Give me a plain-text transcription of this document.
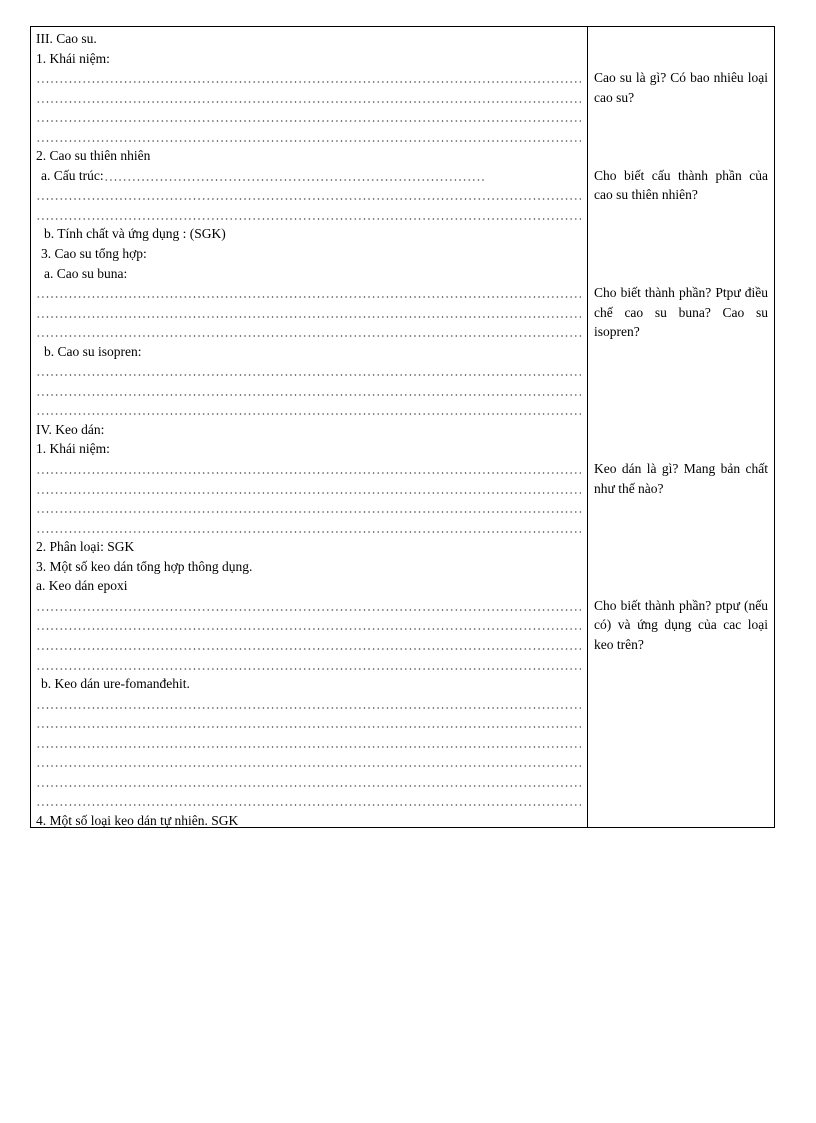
III. Cao su.
1. Khái niệm:
2. Cao su thiên nhiên
a. Cấu trúc:
b. Tính chất và ứng dụng : (SGK)
3. Cao su tổng hợp:
a. Cao su buna:
b. Cao su isopren:
IV. Keo dán:
1. Khái niệm:
2. Phân loại: SGK
3. Một số keo dán tổng hợp thông dụng.
a. Keo dán epoxi
b. Keo dán ure-fomanđehit.
4. Một số loại keo dán tự nhiên. SGK
Cao su là gì? Có bao nhiêu loại cao su?
Cho biết cấu thành phần của cao su thiên nhiên?
Cho biết thành phần? Ptpư điều chế cao su buna? Cao su isopren?
Keo dán là gì? Mang bản chất như thế nào?
Cho biết thành phần? ptpư (nếu có) và ứng dụng của cac loại keo trên?
